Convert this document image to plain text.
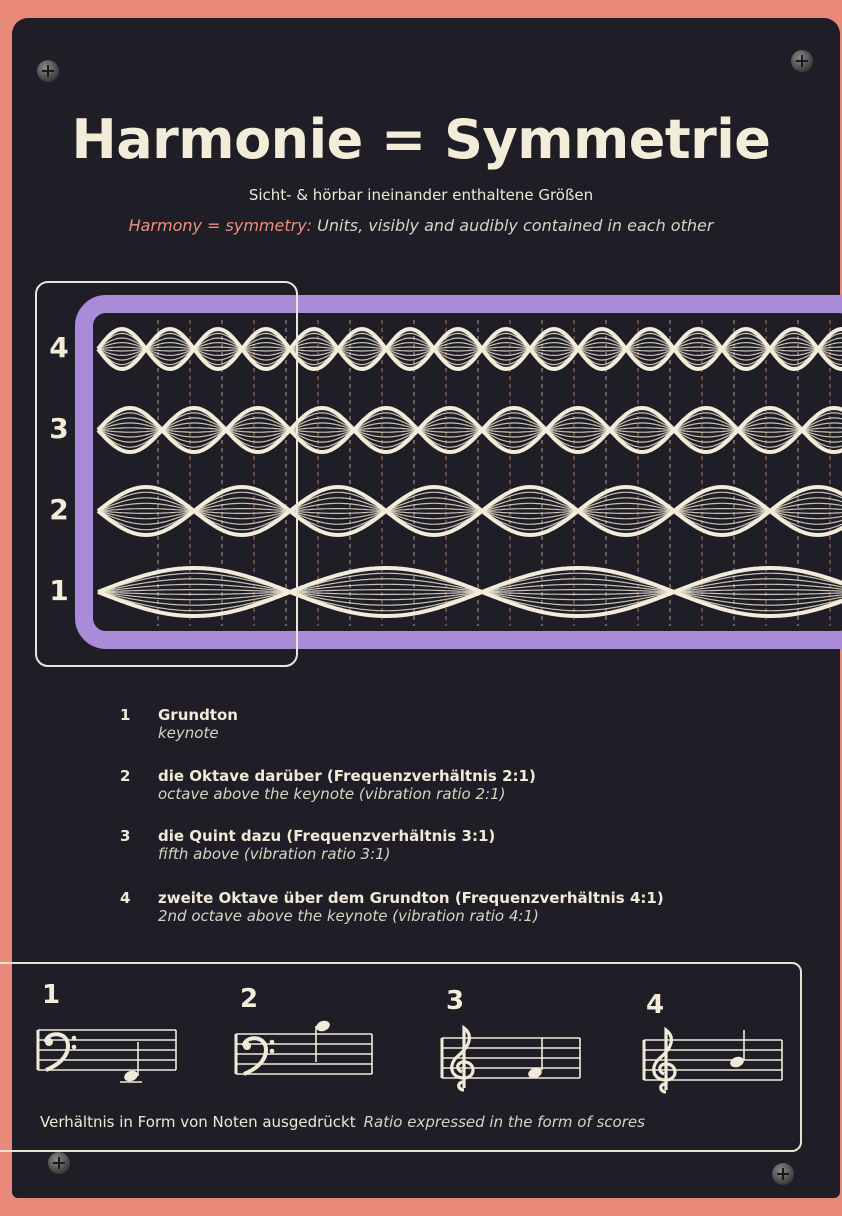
Harmonie = Symmetrie
Sicht- & hörbar ineinander enthaltene Größen
Harmony = symmetry: Units, visibly and audibly contained in each other
4
3
2
1
1 Grundton
keynote
2 die Oktave darüber (Frequenzverhältnis 2:1)
octave above the keynote (vibration ratio 2:1)
3 die Quint dazu (Frequenzverhältnis 3:1)
fifth above (vibration ratio 3:1)
4 zweite Oktave über dem Grundton (Frequenzverhältnis 4:1)
2nd octave above the keynote (vibration ratio 4:1)
1	2	3	4
Verhältnis in Form von Noten ausgedrückt Ratio expressed in the form of scores
